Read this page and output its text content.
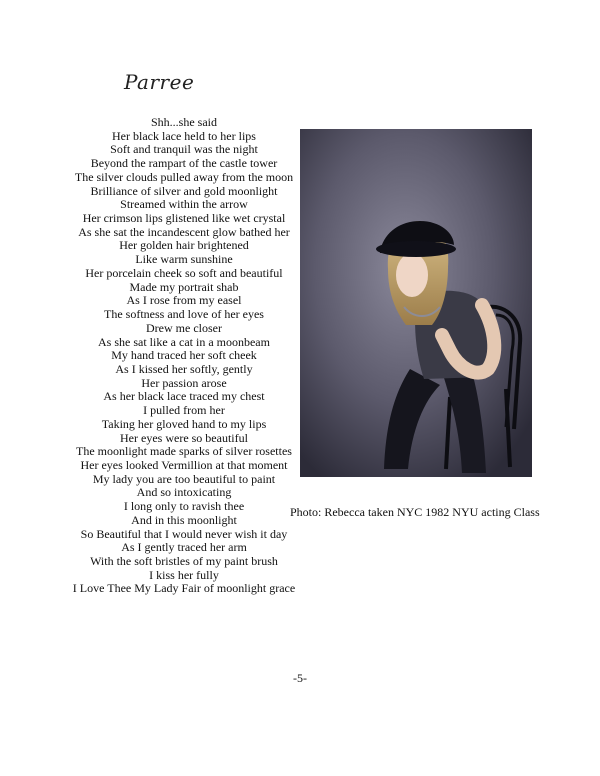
Parree
Shh...she said
Her black lace held to her lips
Soft and tranquil was the night
Beyond the rampart of the castle tower
The silver clouds pulled away from the moon
Brilliance of silver and gold moonlight
Streamed within the arrow
Her crimson lips glistened like wet crystal
As she sat the incandescent glow bathed her
Her golden hair brightened
Like warm sunshine
Her porcelain cheek so soft and beautiful
Made my portrait shab
As I rose from my easel
The softness and love of her eyes
Drew me closer
As she sat like a cat in a moonbeam
My hand traced her soft cheek
As I kissed her softly, gently
Her passion arose
As her black lace traced my chest
I pulled from her
Taking her gloved hand to my lips
Her eyes were so beautiful
The moonlight made sparks of silver rosettes
Her eyes looked Vermillion at that moment
My lady you are too beautiful to paint
And so intoxicating
I long only to ravish thee
And in this moonlight
So Beautiful that I would never wish it day
As I gently traced her arm
With the soft bristles of my paint brush
I kiss her fully
I Love Thee My Lady Fair of moonlight grace
Photo: Rebecca taken NYC 1982 NYU acting Class
-5-
